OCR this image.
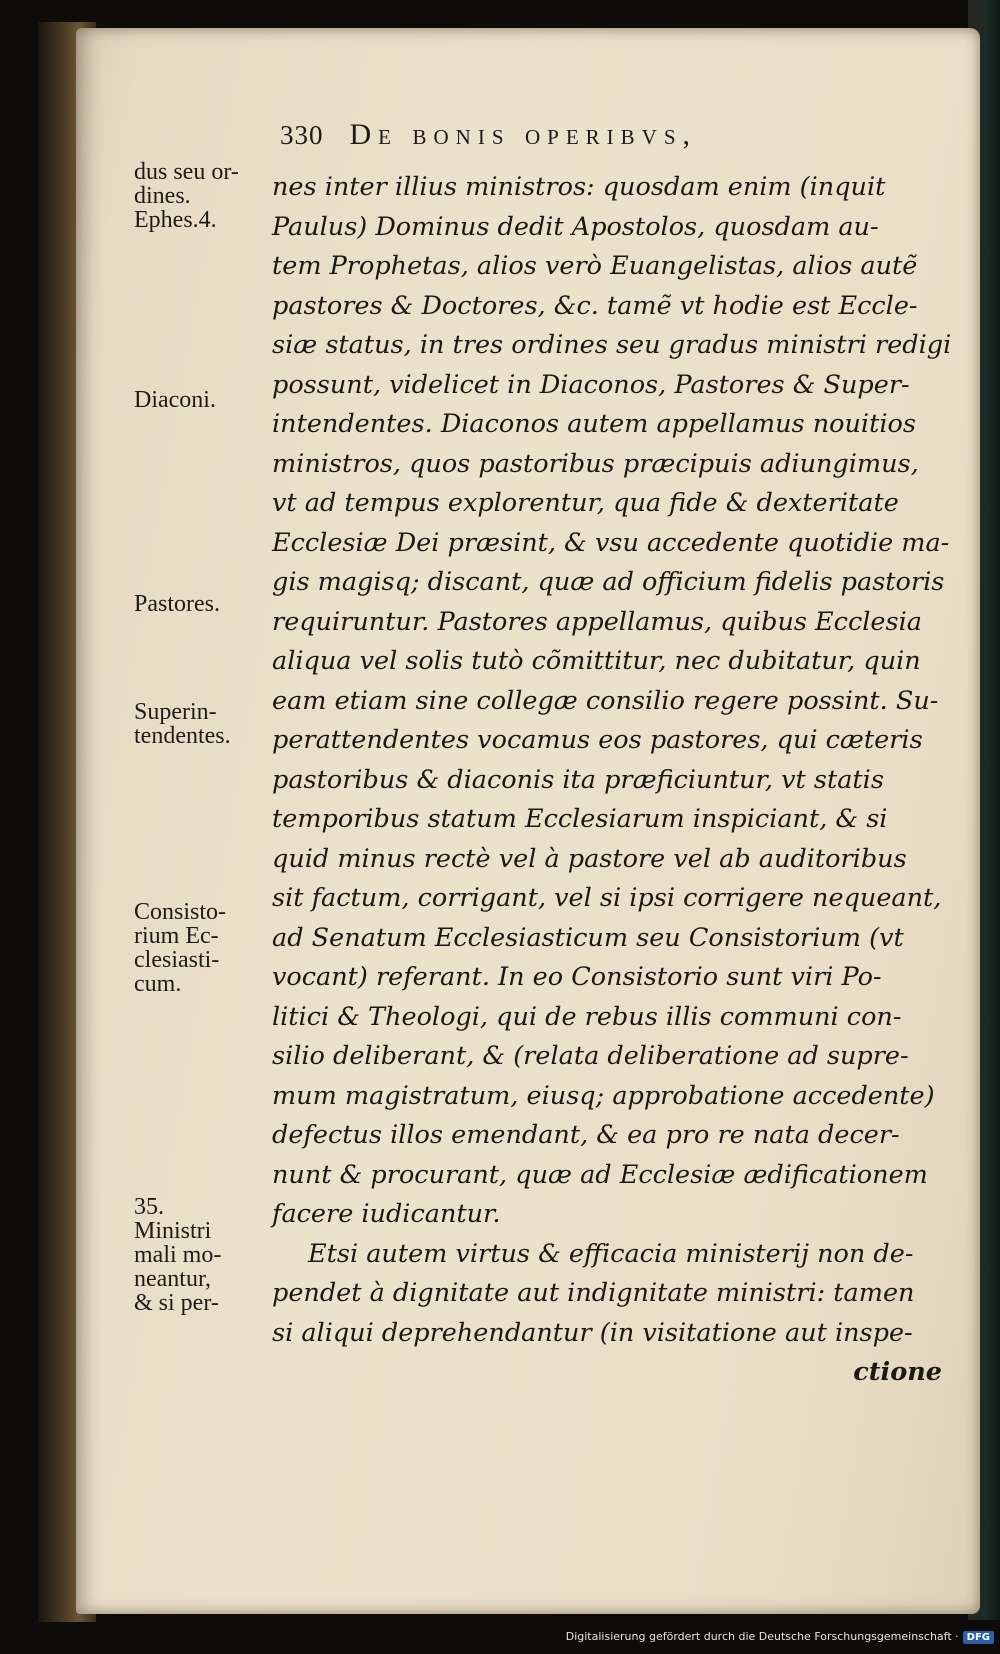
330 De bonis operibvs,
dus seu or-
dines.
Ephes.4.
Diaconi.
Pastores.
Superin-
tendentes.
Consisto-
rium Ec-
clesiasti-
cum.
35.
Ministri
mali mo-
neantur,
& si per-
nes inter illius ministros: quosdam enim (inquit
Paulus) Dominus dedit Apostolos, quosdam au-
tem Prophetas, alios verò Euangelistas, alios autẽ
pastores & Doctores, &c. tamẽ vt hodie est Eccle-
siæ status, in tres ordines seu gradus ministri redigi
possunt, videlicet in Diaconos, Pastores & Super-
intendentes. Diaconos autem appellamus nouitios
ministros, quos pastoribus præcipuis adiungimus,
vt ad tempus explorentur, qua fide & dexteritate
Ecclesiæ Dei præsint, & vsu accedente quotidie ma-
gis magisq; discant, quæ ad officium fidelis pastoris
requiruntur. Pastores appellamus, quibus Ecclesia
aliqua vel solis tutò cõmittitur, nec dubitatur, quin
eam etiam sine collegæ consilio regere possint. Su-
perattendentes vocamus eos pastores, qui cæteris
pastoribus & diaconis ita præficiuntur, vt statis
temporibus statum Ecclesiarum inspiciant, & si
quid minus rectè vel à pastore vel ab auditoribus
sit factum, corrigant, vel si ipsi corrigere nequeant,
ad Senatum Ecclesiasticum seu Consistorium (vt
vocant) referant. In eo Consistorio sunt viri Po-
litici & Theologi, qui de rebus illis communi con-
silio deliberant, & (relata deliberatione ad supre-
mum magistratum, eiusq; approbatione accedente)
defectus illos emendant, & ea pro re nata decer-
nunt & procurant, quæ ad Ecclesiæ ædificationem
facere iudicantur.
Etsi autem virtus & efficacia ministerij non de-
pendet à dignitate aut indignitate ministri: tamen
si aliqui deprehendantur (in visitatione aut inspe-
ctione
Digitalisierung gefördert durch die Deutsche Forschungsgemeinschaft · DFG
